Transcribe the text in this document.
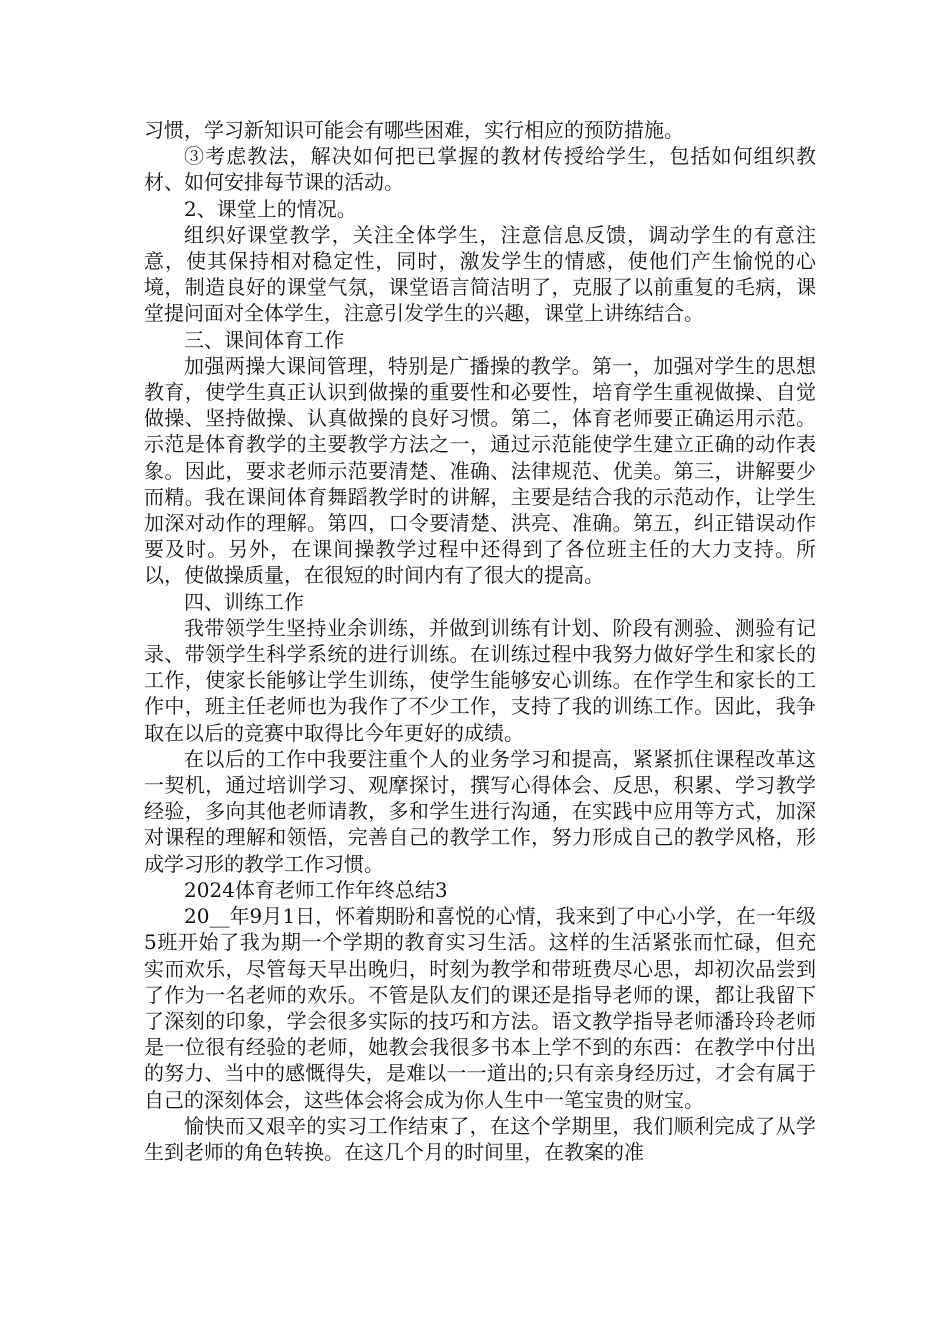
习惯，学习新知识可能会有哪些困难，实行相应的预防措施。

③考虑教法，解决如何把已掌握的教材传授给学生，包括如何组织教材、如何安排每节课的活动。

2、课堂上的情况。

组织好课堂教学，关注全体学生，注意信息反馈，调动学生的有意注意，使其保持相对稳定性，同时，激发学生的情感，使他们产生愉悦的心境，制造良好的课堂气氛，课堂语言简洁明了，克服了以前重复的毛病，课堂提问面对全体学生，注意引发学生的兴趣，课堂上讲练结合。

三、课间体育工作

加强两操大课间管理，特别是广播操的教学。第一，加强对学生的思想教育，使学生真正认识到做操的重要性和必要性，培育学生重视做操、自觉做操、坚持做操、认真做操的良好习惯。第二，体育老师要正确运用示范。示范是体育教学的主要教学方法之一，通过示范能使学生建立正确的动作表象。因此，要求老师示范要清楚、准确、法律规范、优美。第三，讲解要少而精。我在课间体育舞蹈教学时的讲解，主要是结合我的示范动作，让学生加深对动作的理解。第四，口令要清楚、洪亮、准确。第五，纠正错误动作要及时。另外，在课间操教学过程中还得到了各位班主任的大力支持。所以，使做操质量，在很短的时间内有了很大的提高。

四、训练工作

我带领学生坚持业余训练，并做到训练有计划、阶段有测验、测验有记录、带领学生科学系统的进行训练。在训练过程中我努力做好学生和家长的工作，使家长能够让学生训练，使学生能够安心训练。在作学生和家长的工作中，班主任老师也为我作了不少工作，支持了我的训练工作。因此，我争取在以后的竞赛中取得比今年更好的成绩。

在以后的工作中我要注重个人的业务学习和提高，紧紧抓住课程改革这一契机，通过培训学习、观摩探讨，撰写心得体会、反思，积累、学习教学经验，多向其他老师请教，多和学生进行沟通，在实践中应用等方式，加深对课程的理解和领悟，完善自己的教学工作，努力形成自己的教学风格，形成学习形的教学工作习惯。

2024体育老师工作年终总结3

20__年9月1日，怀着期盼和喜悦的心情，我来到了中心小学，在一年级5班开始了我为期一个学期的教育实习生活。这样的生活紧张而忙碌，但充实而欢乐，尽管每天早出晚归，时刻为教学和带班费尽心思，却初次品尝到了作为一名老师的欢乐。不管是队友们的课还是指导老师的课，都让我留下了深刻的印象，学会很多实际的技巧和方法。语文教学指导老师潘玲玲老师是一位很有经验的老师，她教会我很多书本上学不到的东西：在教学中付出的努力、当中的感慨得失，是难以一一道出的;只有亲身经历过，才会有属于自己的深刻体会，这些体会将会成为你人生中一笔宝贵的财宝。

愉快而又艰辛的实习工作结束了，在这个学期里，我们顺利完成了从学生到老师的角色转换。在这几个月的时间里，在教案的准
